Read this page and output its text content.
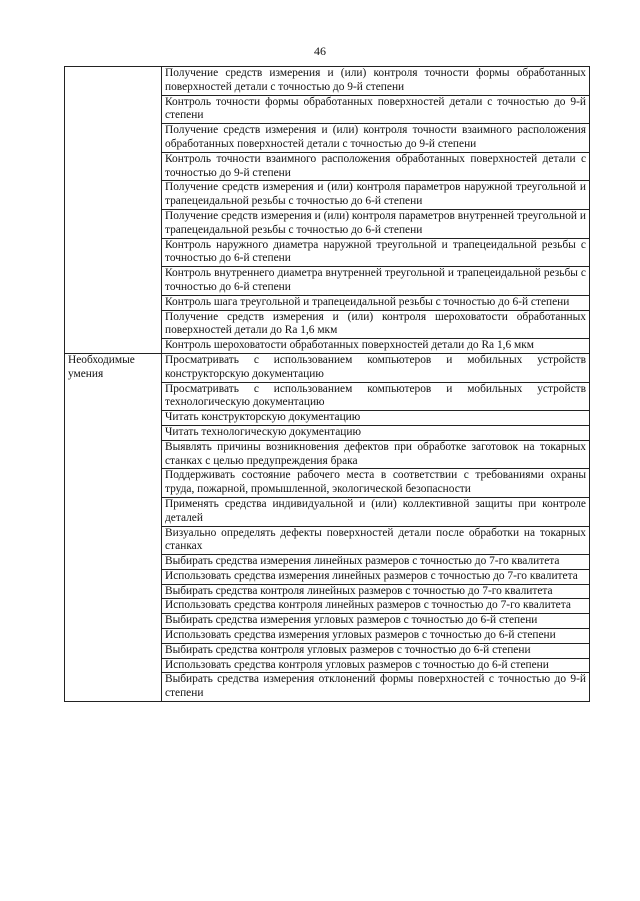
46
	Получение средств измерения и (или) контроля точности формы обработанных поверхностей детали с точностью до 9-й степени
	Контроль точности формы обработанных поверхностей детали с точностью до 9-й степени
	Получение средств измерения и (или) контроля точности взаимного расположения обработанных поверхностей детали с точностью до 9-й степени
	Контроль точности взаимного расположения обработанных поверхностей детали с точностью до 9-й степени
	Получение средств измерения и (или) контроля параметров наружной треугольной и трапецеидальной резьбы с точностью до 6-й степени
	Получение средств измерения и (или) контроля параметров внутренней треугольной и трапецеидальной резьбы с точностью до 6-й степени
	Контроль наружного диаметра наружной треугольной и трапецеидальной резьбы с точностью до 6-й степени
	Контроль внутреннего диаметра внутренней треугольной и трапецеидальной резьбы с точностью до 6-й степени
	Контроль шага треугольной и трапецеидальной резьбы с точностью до 6-й степени
	Получение средств измерения и (или) контроля шероховатости обработанных поверхностей детали до Ra 1,6 мкм
	Контроль шероховатости обработанных поверхностей детали до Ra 1,6 мкм
Необходимые умения	Просматривать с использованием компьютеров и мобильных устройств конструкторскую документацию
	Просматривать с использованием компьютеров и мобильных устройств технологическую документацию
	Читать конструкторскую документацию
	Читать технологическую документацию
	Выявлять причины возникновения дефектов при обработке заготовок на токарных станках с целью предупреждения брака
	Поддерживать состояние рабочего места в соответствии с требованиями охраны труда, пожарной, промышленной, экологической безопасности
	Применять средства индивидуальной и (или) коллективной защиты при контроле деталей
	Визуально определять дефекты поверхностей детали после обработки на токарных станках
	Выбирать средства измерения линейных размеров с точностью до 7-го квалитета
	Использовать средства измерения линейных размеров с точностью до 7-го квалитета
	Выбирать средства контроля линейных размеров с точностью до 7-го квалитета
	Использовать средства контроля линейных размеров с точностью до 7-го квалитета
	Выбирать средства измерения угловых размеров с точностью до 6-й степени
	Использовать средства измерения угловых размеров с точностью до 6-й степени
	Выбирать средства контроля угловых размеров с точностью до 6-й степени
	Использовать средства контроля угловых размеров с точностью до 6-й степени
	Выбирать средства измерения отклонений формы поверхностей с точностью до 9-й степени
